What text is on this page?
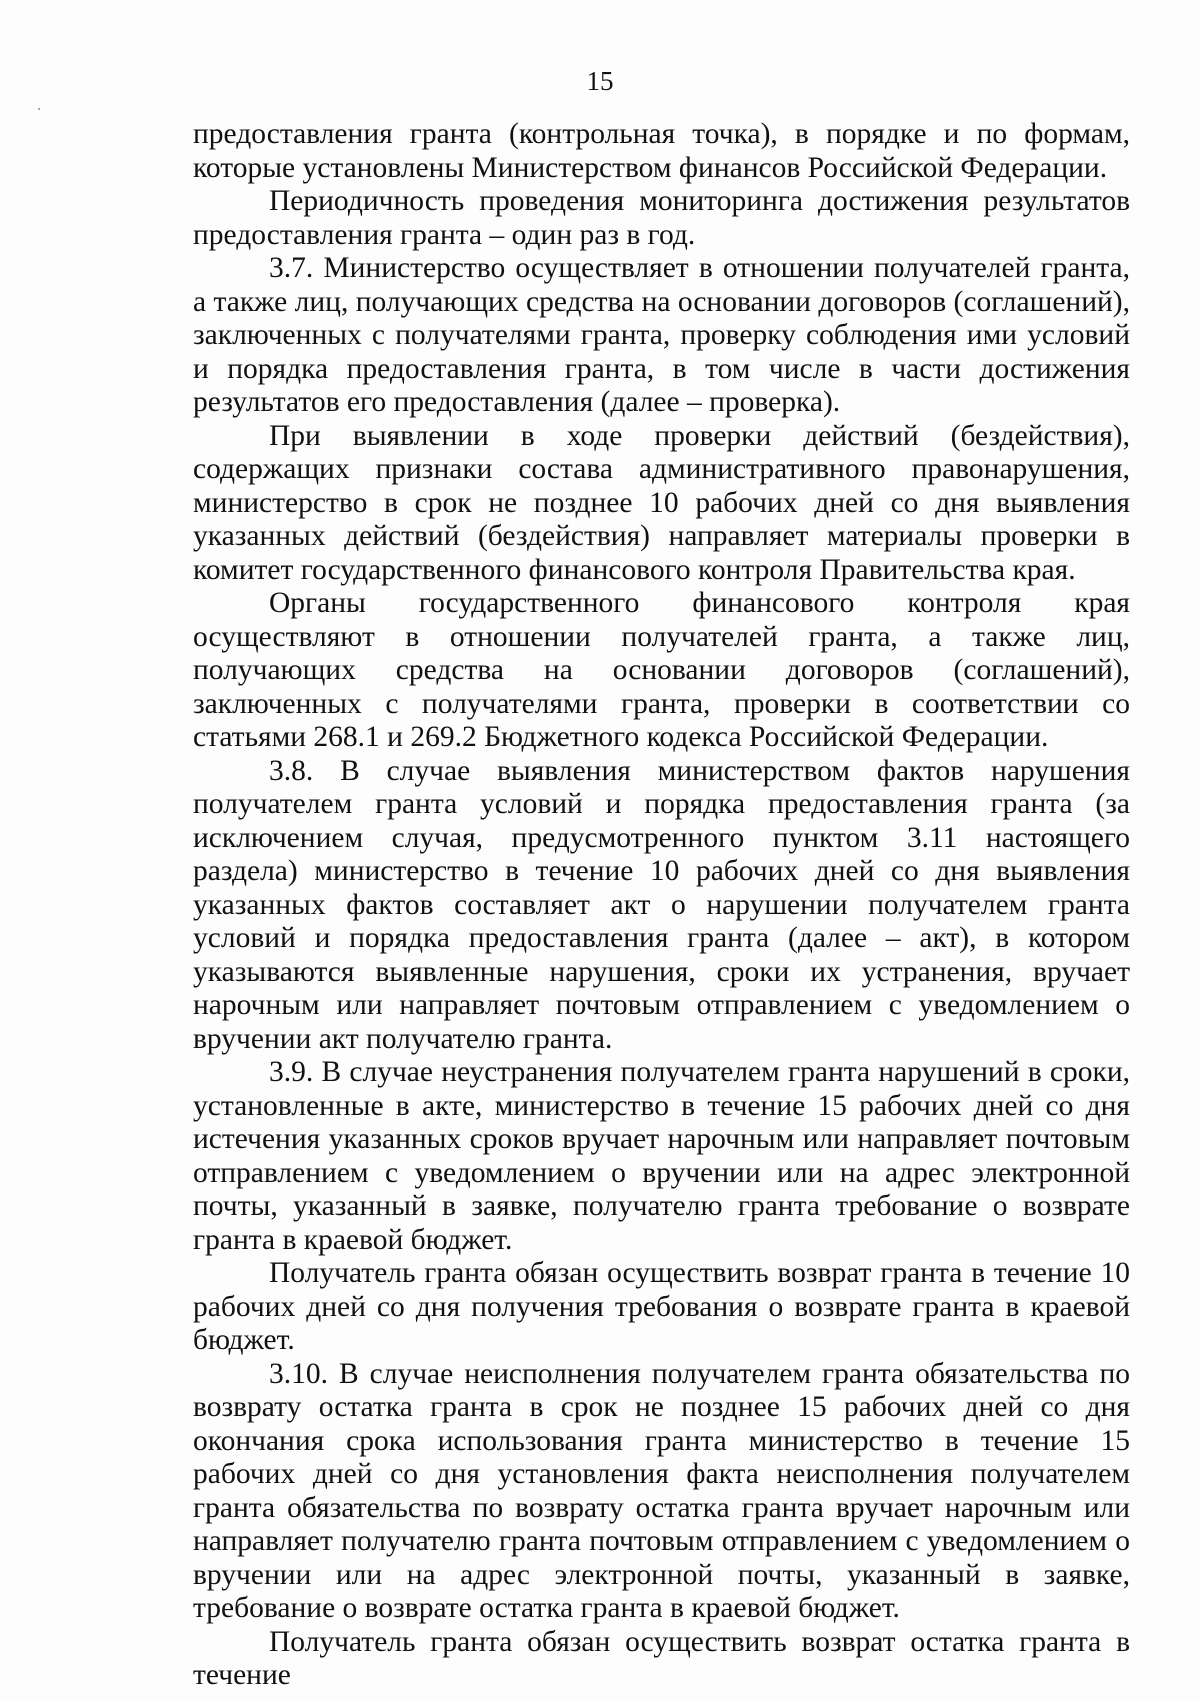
15

предоставления гранта (контрольная точка), в порядке и по формам, которые установлены Министерством финансов Российской Федерации.

Периодичность проведения мониторинга достижения результатов предоставления гранта – один раз в год.

3.7. Министерство осуществляет в отношении получателей гранта, а также лиц, получающих средства на основании договоров (соглашений), заключенных с получателями гранта, проверку соблюдения ими условий и порядка предоставления гранта, в том числе в части достижения результатов его предоставления (далее – проверка).

При выявлении в ходе проверки действий (бездействия), содержащих признаки состава административного правонарушения, министерство в срок не позднее 10 рабочих дней со дня выявления указанных действий (бездействия) направляет материалы проверки в комитет государственного финансового контроля Правительства края.

Органы государственного финансового контроля края осуществляют в отношении получателей гранта, а также лиц, получающих средства на основании договоров (соглашений), заключенных с получателями гранта, проверки в соответствии со статьями 268.1 и 269.2 Бюджетного кодекса Российской Федерации.

3.8. В случае выявления министерством фактов нарушения получателем гранта условий и порядка предоставления гранта (за исключением случая, предусмотренного пунктом 3.11 настоящего раздела) министерство в течение 10 рабочих дней со дня выявления указанных фактов составляет акт о нарушении получателем гранта условий и порядка предоставления гранта (далее – акт), в котором указываются выявленные нарушения, сроки их устранения, вручает нарочным или направляет почтовым отправлением с уведомлением о вручении акт получателю гранта.

3.9. В случае неустранения получателем гранта нарушений в сроки, установленные в акте, министерство в течение 15 рабочих дней со дня истечения указанных сроков вручает нарочным или направляет почтовым отправлением с уведомлением о вручении или на адрес электронной почты, указанный в заявке, получателю гранта требование о возврате гранта в краевой бюджет.

Получатель гранта обязан осуществить возврат гранта в течение 10 рабочих дней со дня получения требования о возврате гранта в краевой бюджет.

3.10. В случае неисполнения получателем гранта обязательства по возврату остатка гранта в срок не позднее 15 рабочих дней со дня окончания срока использования гранта министерство в течение 15 рабочих дней со дня установления факта неисполнения получателем гранта обязательства по возврату остатка гранта вручает нарочным или направляет получателю гранта почтовым отправлением с уведомлением о вручении или на адрес электронной почты, указанный в заявке, требование о возврате остатка гранта в краевой бюджет.

Получатель гранта обязан осуществить возврат остатка гранта в течение
